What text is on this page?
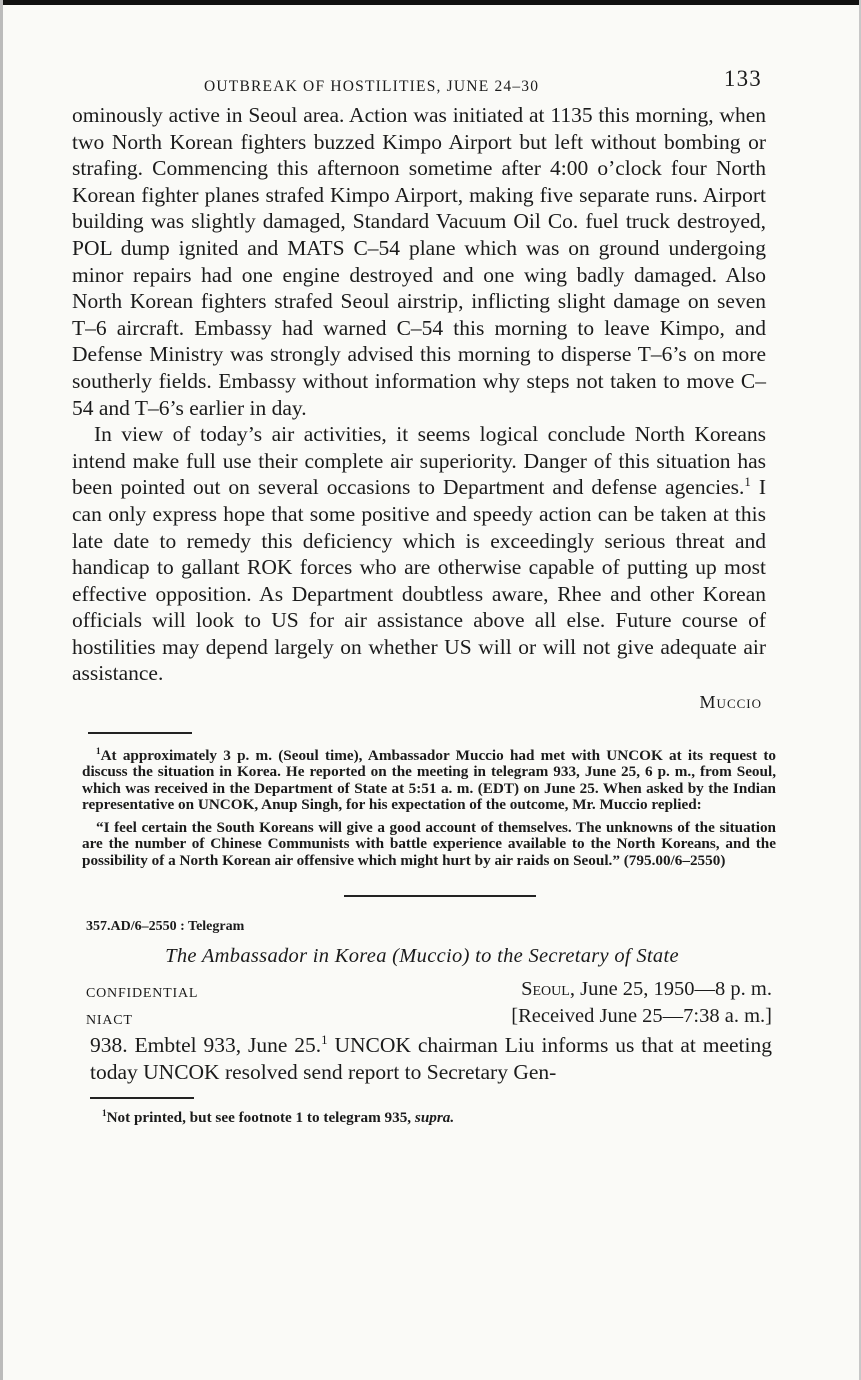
OUTBREAK OF HOSTILITIES, JUNE 24–30	133

ominously active in Seoul area. Action was initiated at 1135 this morning, when two North Korean fighters buzzed Kimpo Airport but left without bombing or strafing. Commencing this afternoon sometime after 4:00 o’clock four North Korean fighter planes strafed Kimpo Airport, making five separate runs. Airport building was slightly damaged, Standard Vacuum Oil Co. fuel truck destroyed, POL dump ignited and MATS C–54 plane which was on ground undergoing minor repairs had one engine destroyed and one wing badly damaged. Also North Korean fighters strafed Seoul airstrip, inflicting slight damage on seven T–6 aircraft. Embassy had warned C–54 this morning to leave Kimpo, and Defense Ministry was strongly advised this morning to disperse T–6’s on more southerly fields. Embassy without information why steps not taken to move C–54 and T–6’s earlier in day.

In view of today’s air activities, it seems logical conclude North Koreans intend make full use their complete air superiority. Danger of this situation has been pointed out on several occasions to Department and defense agencies.$^1$ I can only express hope that some positive and speedy action can be taken at this late date to remedy this deficiency which is exceedingly serious threat and handicap to gallant ROK forces who are otherwise capable of putting up most effective opposition. As Department doubtless aware, Rhee and other Korean officials will look to US for air assistance above all else. Future course of hostilities may depend largely on whether US will or will not give adequate air assistance.

Muccio

$^1$At approximately 3 p. m. (Seoul time), Ambassador Muccio had met with UNCOK at its request to discuss the situation in Korea. He reported on the meeting in telegram 933, June 25, 6 p. m., from Seoul, which was received in the Department of State at 5:51 a. m. (EDT) on June 25. When asked by the Indian representative on UNCOK, Anup Singh, for his expectation of the outcome, Mr. Muccio replied:

“I feel certain the South Koreans will give a good account of themselves. The unknowns of the situation are the number of Chinese Communists with battle experience available to the North Koreans, and the possibility of a North Korean air offensive which might hurt by air raids on Seoul.” (795.00/6–2550)

357.AD/6–2550 : Telegram
The Ambassador in Korea (Muccio) to the Secretary of State
CONFIDENTIAL	Seoul, June 25, 1950—8 p. m.
NIACT	[Received June 25—7:38 a. m.]
938. Embtel 933, June 25.$^1$ UNCOK chairman Liu informs us that at meeting today UNCOK resolved send report to Secretary Gen-
$^1$Not printed, but see footnote 1 to telegram 935, supra.
